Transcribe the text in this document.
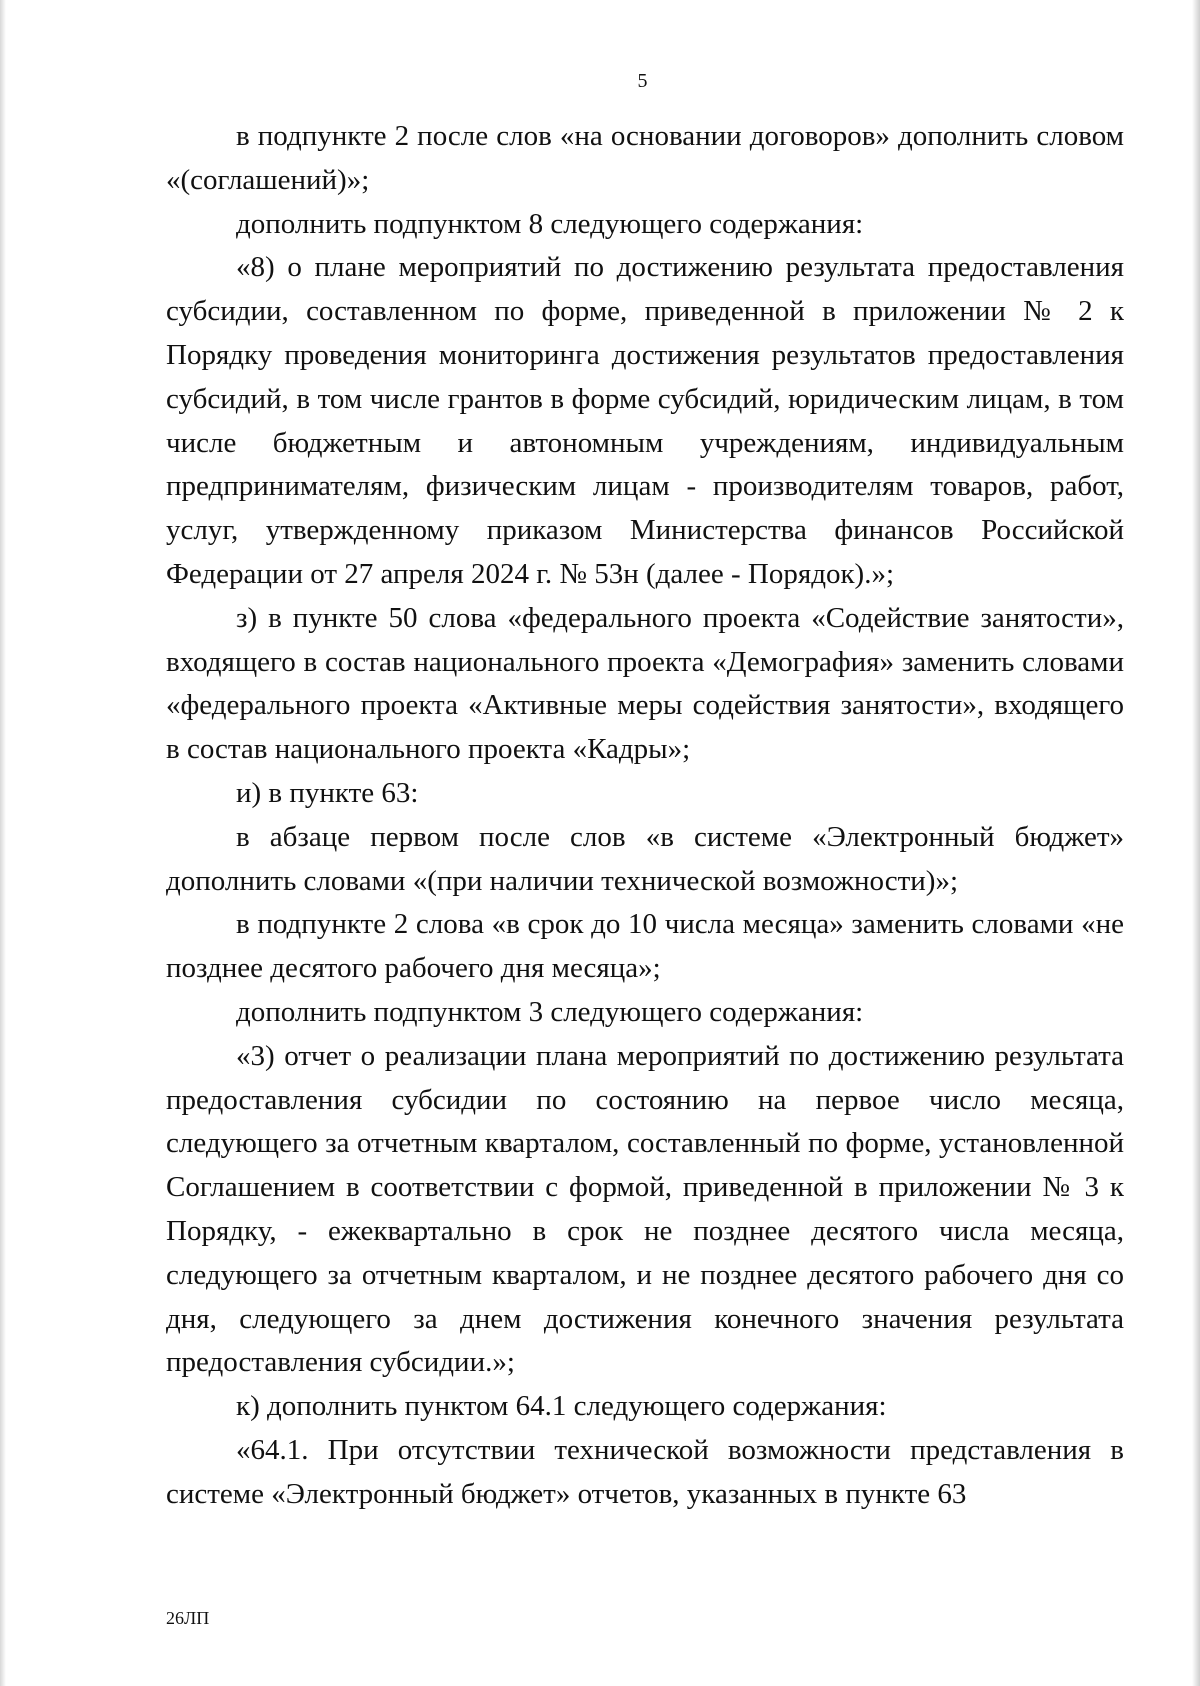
5

в подпункте 2 после слов «на основании договоров» дополнить словом «(соглашений)»;

дополнить подпунктом 8 следующего содержания:

«8) о плане мероприятий по достижению результата предоставления субсидии, составленном по форме, приведенной в приложении № 2 к Порядку проведения мониторинга достижения результатов предоставления субсидий, в том числе грантов в форме субсидий, юридическим лицам, в том числе бюджетным и автономным учреждениям, индивидуальным предпринимателям, физическим лицам - производителям товаров, работ, услуг, утвержденному приказом Министерства финансов Российской Федерации от 27 апреля 2024 г. № 53н (далее - Порядок).»;

з) в пункте 50 слова «федерального проекта «Содействие занятости», входящего в состав национального проекта «Демография» заменить словами «федерального проекта «Активные меры содействия занятости», входящего в состав национального проекта «Кадры»;

и) в пункте 63:

в абзаце первом после слов «в системе «Электронный бюджет» дополнить словами «(при наличии технической возможности)»;

в подпункте 2 слова «в срок до 10 числа месяца» заменить словами «не позднее десятого рабочего дня месяца»;

дополнить подпунктом 3 следующего содержания:

«3) отчет о реализации плана мероприятий по достижению результата предоставления субсидии по состоянию на первое число месяца, следующего за отчетным кварталом, составленный по форме, установленной Соглашением в соответствии с формой, приведенной в приложении № 3 к Порядку, - ежеквартально в срок не позднее десятого числа месяца, следующего за отчетным кварталом, и не позднее десятого рабочего дня со дня, следующего за днем достижения конечного значения результата предоставления субсидии.»;

к) дополнить пунктом 64.1 следующего содержания:

«64.1. При отсутствии технической возможности представления в системе «Электронный бюджет» отчетов, указанных в пункте 63

26ЛП
